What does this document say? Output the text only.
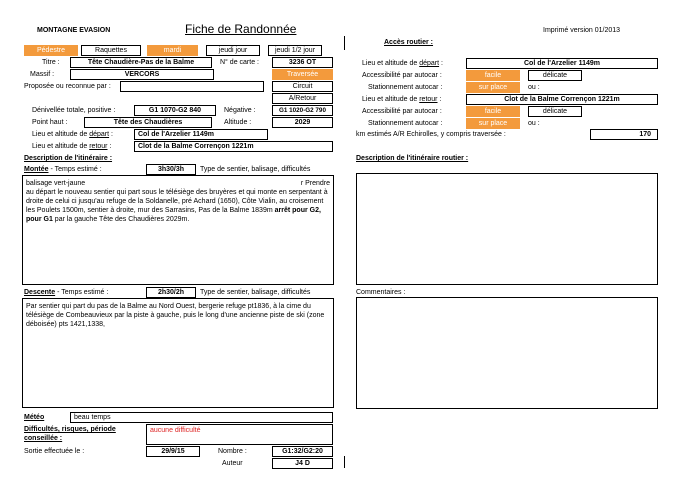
MONTAGNE EVASION	Fiche de Randonnée	Imprimé version 01/2013
Pédestre	Raquettes	mardi	jeudi jour	jeudi 1/2 jour
Titre :	Tête Chaudière-Pas de la Balme	N° de carte :	3236 OT
Massif :	VERCORS	Traversée
Circuit
A/Retour
Proposée ou reconnue par :
Dénivellée totale, positive :	G1 1070-G2 840	Négative :	G1 1020-G2 790
Point haut :	Tête des Chaudières	Altitude :	2029
Lieu et altitude de départ :	Col de l'Arzelier 1149m
Lieu et altitude de retour :	Clot de la Balme Corrençon 1221m
Description de l'itinéraire :
Montée - Temps estimé :	3h30/3h	Type de sentier, balisage, difficultés
balisage vert-jaune	r Prendre
au départ le nouveau sentier qui part sous le télésiège des bruyères et qui monte en serpentant à droite de celui ci jusqu'au refuge de la Soldanelle, pré Achard (1650), Côte Vialin, au croisement les Poulets 1500m, sentier à droite, mur des Sarrasins, Pas de la Balme 1839m arrêt pour G2, pour G1 par la gauche Tête des Chaudières 2029m.
Descente - Temps estimé :	2h30/2h	Type de sentier, balisage, difficultés
Par sentier qui part du pas de la Balme au Nord Ouest, bergerie refuge pt1836, à la cime du télésiège de Combeauvieux par la piste à gauche, puis le long d'une ancienne piste de ski (zone déboisée) pts 1421,1338,
Météo	beau temps
Difficultés, risques, période conseillée :
aucune difficulté
Sortie effectuée le :	29/9/15	Nombre :	G1:32/G2:20
Auteur	J4 D
Accès routier :
Lieu et altitude de départ :	Col de l'Arzelier 1149m
Accessibilité par autocar :	facile	délicate
Stationnement autocar :	sur place	ou :
Lieu et altitude de retour :	Clot de la Balme Corrençon 1221m
Accessibilité par autocar :	facile	délicate
Stationnement autocar :	sur place	ou :
km estimés A/R Echirolles, y compris traversée :	170
Description de l'itinéraire routier :
Commentaires :
